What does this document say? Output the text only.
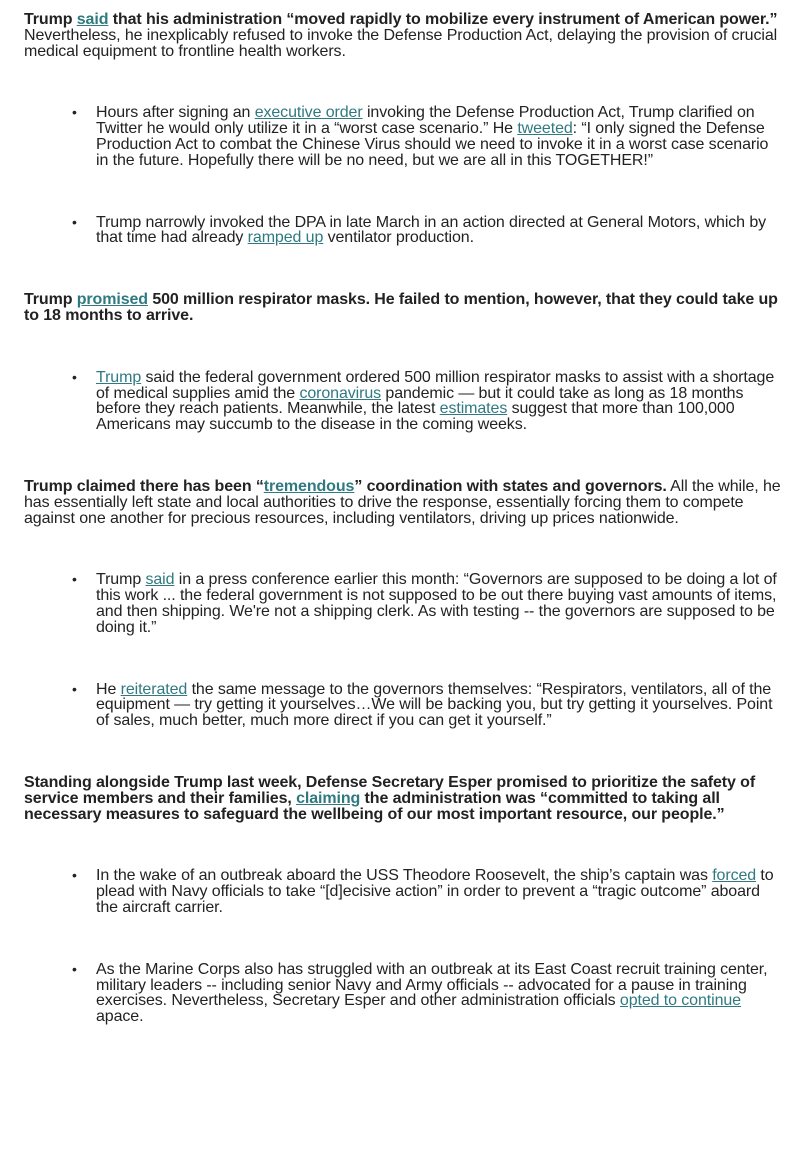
Trump said that his administration “moved rapidly to mobilize every instrument of American power.” Nevertheless, he inexplicably refused to invoke the Defense Production Act, delaying the provision of crucial medical equipment to frontline health workers.

• Hours after signing an executive order invoking the Defense Production Act, Trump clarified on Twitter he would only utilize it in a “worst case scenario.” He tweeted: “I only signed the Defense Production Act to combat the Chinese Virus should we need to invoke it in a worst case scenario in the future. Hopefully there will be no need, but we are all in this TOGETHER!”
• Trump narrowly invoked the DPA in late March in an action directed at General Motors, which by that time had already ramped up ventilator production.

Trump promised 500 million respirator masks. He failed to mention, however, that they could take up to 18 months to arrive.

• Trump said the federal government ordered 500 million respirator masks to assist with a shortage of medical supplies amid the coronavirus pandemic — but it could take as long as 18 months before they reach patients. Meanwhile, the latest estimates suggest that more than 100,000 Americans may succumb to the disease in the coming weeks.

Trump claimed there has been “tremendous” coordination with states and governors. All the while, he has essentially left state and local authorities to drive the response, essentially forcing them to compete against one another for precious resources, including ventilators, driving up prices nationwide.

• Trump said in a press conference earlier this month: “Governors are supposed to be doing a lot of this work ... the federal government is not supposed to be out there buying vast amounts of items, and then shipping. We're not a shipping clerk. As with testing -- the governors are supposed to be doing it.”
• He reiterated the same message to the governors themselves: “Respirators, ventilators, all of the equipment — try getting it yourselves…We will be backing you, but try getting it yourselves. Point of sales, much better, much more direct if you can get it yourself.”

Standing alongside Trump last week, Defense Secretary Esper promised to prioritize the safety of service members and their families, claiming the administration was “committed to taking all necessary measures to safeguard the wellbeing of our most important resource, our people.”

• In the wake of an outbreak aboard the USS Theodore Roosevelt, the ship’s captain was forced to plead with Navy officials to take “[d]ecisive action” in order to prevent a “tragic outcome” aboard the aircraft carrier.
• As the Marine Corps also has struggled with an outbreak at its East Coast recruit training center, military leaders -- including senior Navy and Army officials -- advocated for a pause in training exercises. Nevertheless, Secretary Esper and other administration officials opted to continue apace.
